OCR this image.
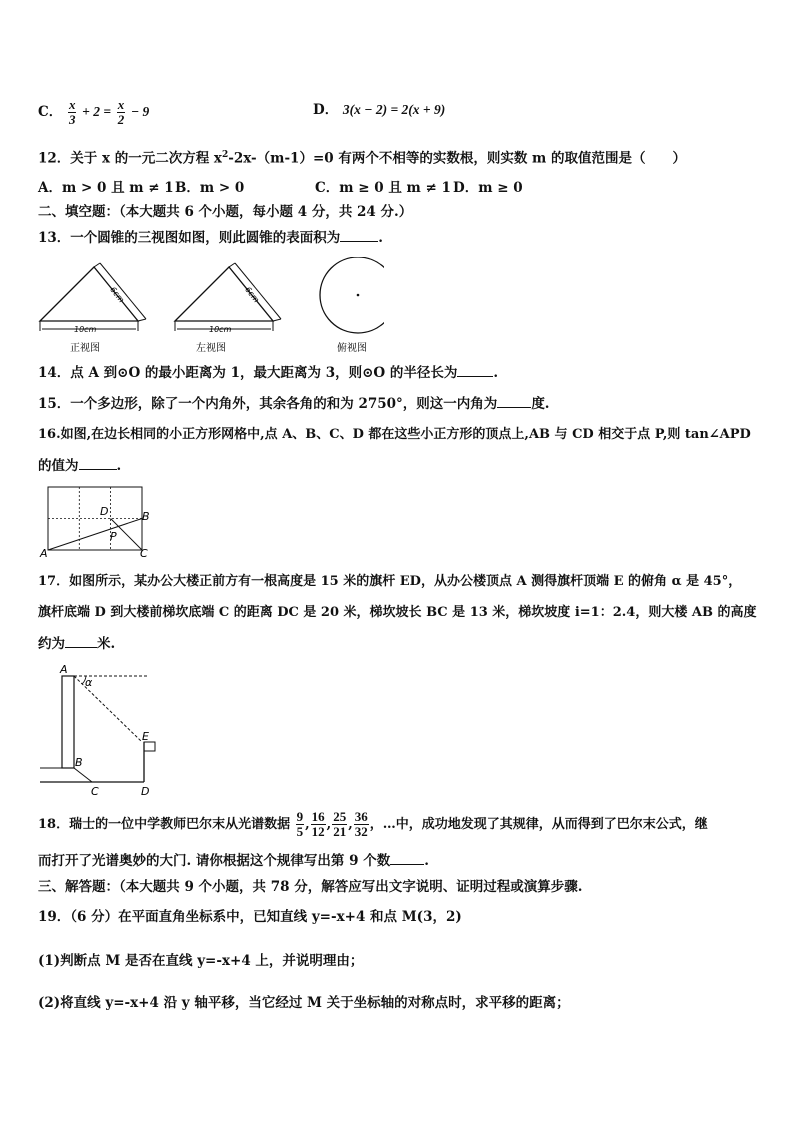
C． $\frac{x}{3} + 2 = \frac{x}{2} - 9$	D． 3(x − 2) = 2(x + 9)
12．关于 x 的一元二次方程 $x^2-2x-(m-1)=0$ 有两个不相等的实数根，则实数 m 的取值范围是（　　）
A．m > 0 且 m ≠ 1 B．m > 0	C．m ≥ 0 且 m ≠ 1 D．m ≥ 0
二、填空题：（本大题共 6 个小题，每小题 4 分，共 24 分.）
13．一个圆锥的三视图如图，则此圆锥的表面积为	.
6cm
10cm
正视图
6cm
10cm
左视图	俯视图
14．点 A 到⊙O 的最小距离为 1，最大距离为 3，则⊙O 的半径长为	.
15．一个多边形，除了一个内角外，其余各角的和为 2750°，则这一内角为	度.
16.如图,在边长相同的小正方形网格中,点 A、B、C、D 都在这些小正方形的顶点上,AB 与 CD 相交于点 P,则 tan∠APD
的值为	.
A
B
C
D
P
17．如图所示，某办公大楼正前方有一根高度是 15 米的旗杆 ED，从办公楼顶点 A 测得旗杆顶端 E 的俯角 α 是 45°，
旗杆底端 D 到大楼前梯坎底端 C 的距离 DC 是 20 米，梯坎坡长 BC 是 13 米，梯坎坡度 i=1：2.4，则大楼 AB 的高度
约为 米.
A
α
E
B
C	D
18．瑞士的一位中学教师巴尔末从光谱数据 $\frac{9}{5}$ , $\frac{16}{12}$ , $\frac{25}{21}$ , $\frac{36}{32}$ ，…中，成功地发现了其规律，从而得到了巴尔末公式，继
而打开了光谱奥妙的大门. 请你根据这个规律写出第 9 个数	.
三、解答题：（本大题共 9 个小题，共 78 分，解答应写出文字说明、证明过程或演算步骤.
19．（6 分）在平面直角坐标系中，已知直线 y=-x+4 和点 M(3，2)
(1)判断点 M 是否在直线 y=-x+4 上，并说明理由；
(2)将直线 y=-x+4 沿 y 轴平移，当它经过 M 关于坐标轴的对称点时，求平移的距离；
